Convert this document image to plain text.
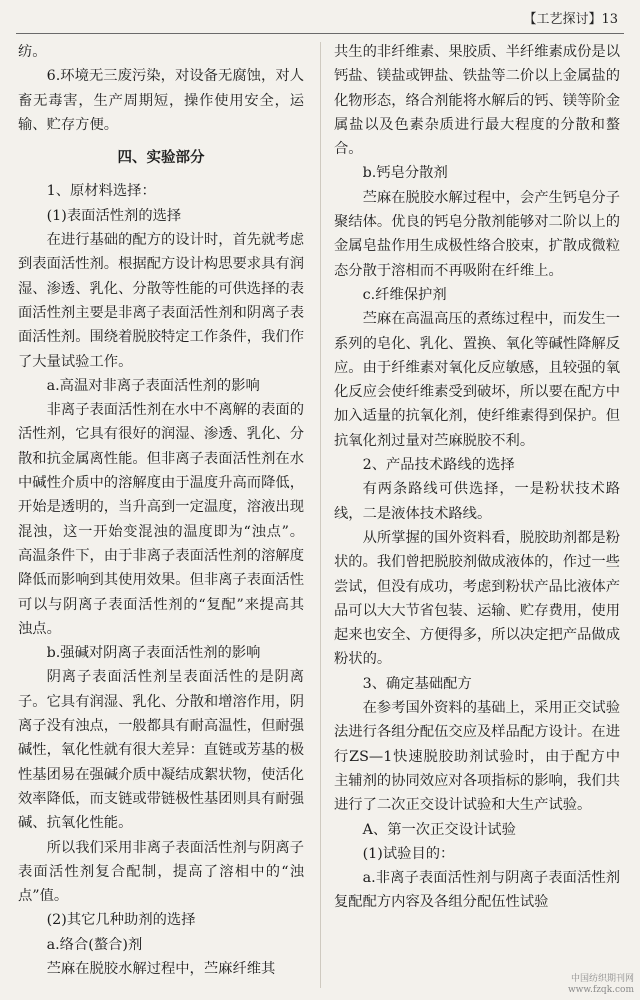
【工艺探讨】13

纺。

6.环境无三废污染，对设备无腐蚀，对人畜无毒害，生产周期短，操作使用安全，运输、贮存方便。

四、实验部分

1、原材料选择：

(1)表面活性剂的选择

在进行基础的配方的设计时，首先就考虑到表面活性剂。根据配方设计构思要求具有润湿、渗透、乳化、分散等性能的可供选择的表面活性剂主要是非离子表面活性剂和阴离子表面活性剂。围绕着脱胶特定工作条件，我们作了大量试验工作。

a.高温对非离子表面活性剂的影响

非离子表面活性剂在水中不离解的表面的活性剂，它具有很好的润湿、渗透、乳化、分散和抗金属离性能。但非离子表面活性剂在水中碱性介质中的溶解度由于温度升高而降低，开始是透明的，当升高到一定温度，溶液出现混浊，这一开始变混浊的温度即为“浊点”。高温条件下，由于非离子表面活性剂的溶解度降低而影响到其使用效果。但非离子表面活性可以与阴离子表面活性剂的“复配”来提高其浊点。

b.强碱对阴离子表面活性剂的影响

阴离子表面活性剂呈表面活性的是阴离子。它具有润湿、乳化、分散和增溶作用，阴离子没有浊点，一般都具有耐高温性，但耐强碱性，氧化性就有很大差异：直链或芳基的极性基团易在强碱介质中凝结成絮状物，使活化效率降低，而支链或带链极性基团则具有耐强碱、抗氧化性能。

所以我们采用非离子表面活性剂与阴离子表面活性剂复合配制，提高了溶相中的“浊点”值。

(2)其它几种助剂的选择

a.络合(螯合)剂

苎麻在脱胶水解过程中，苎麻纤维其

共生的非纤维素、果胶质、半纤维素成份是以钙盐、镁盐或钾盐、铁盐等二价以上金属盐的化物形态，络合剂能将水解后的钙、镁等阶金属盐以及色素杂质进行最大程度的分散和螯合。

b.钙皂分散剂

苎麻在脱胶水解过程中，会产生钙皂分子聚结体。优良的钙皂分散剂能够对二阶以上的金属皂盐作用生成极性络合胶束，扩散成微粒态分散于溶相而不再吸附在纤维上。

c.纤维保护剂

苎麻在高温高压的煮练过程中，而发生一系列的皂化、乳化、置换、氧化等碱性降解反应。由于纤维素对氧化反应敏感，且较强的氧化反应会使纤维素受到破坏，所以要在配方中加入适量的抗氧化剂，使纤维素得到保护。但抗氧化剂过量对苎麻脱胶不利。

2、产品技术路线的选择

有两条路线可供选择，一是粉状技术路线，二是液体技术路线。

从所掌握的国外资料看，脱胶助剂都是粉状的。我们曾把脱胶剂做成液体的，作过一些尝试，但没有成功，考虑到粉状产品比液体产品可以大大节省包装、运输、贮存费用，使用起来也安全、方便得多，所以决定把产品做成粉状的。

3、确定基础配方

在参考国外资料的基础上，采用正交试验法进行各组分配伍交应及样品配方设计。在进行ZS—1快速脱胶助剂试验时，由于配方中主辅剂的协同效应对各项指标的影响，我们共进行了二次正交设计试验和大生产试验。

A、第一次正交设计试验

(1)试验目的：

a.非离子表面活性剂与阴离子表面活性剂复配配方内容及各组分配伍性试验

中国纺织期刊网
www.fzqk.com
